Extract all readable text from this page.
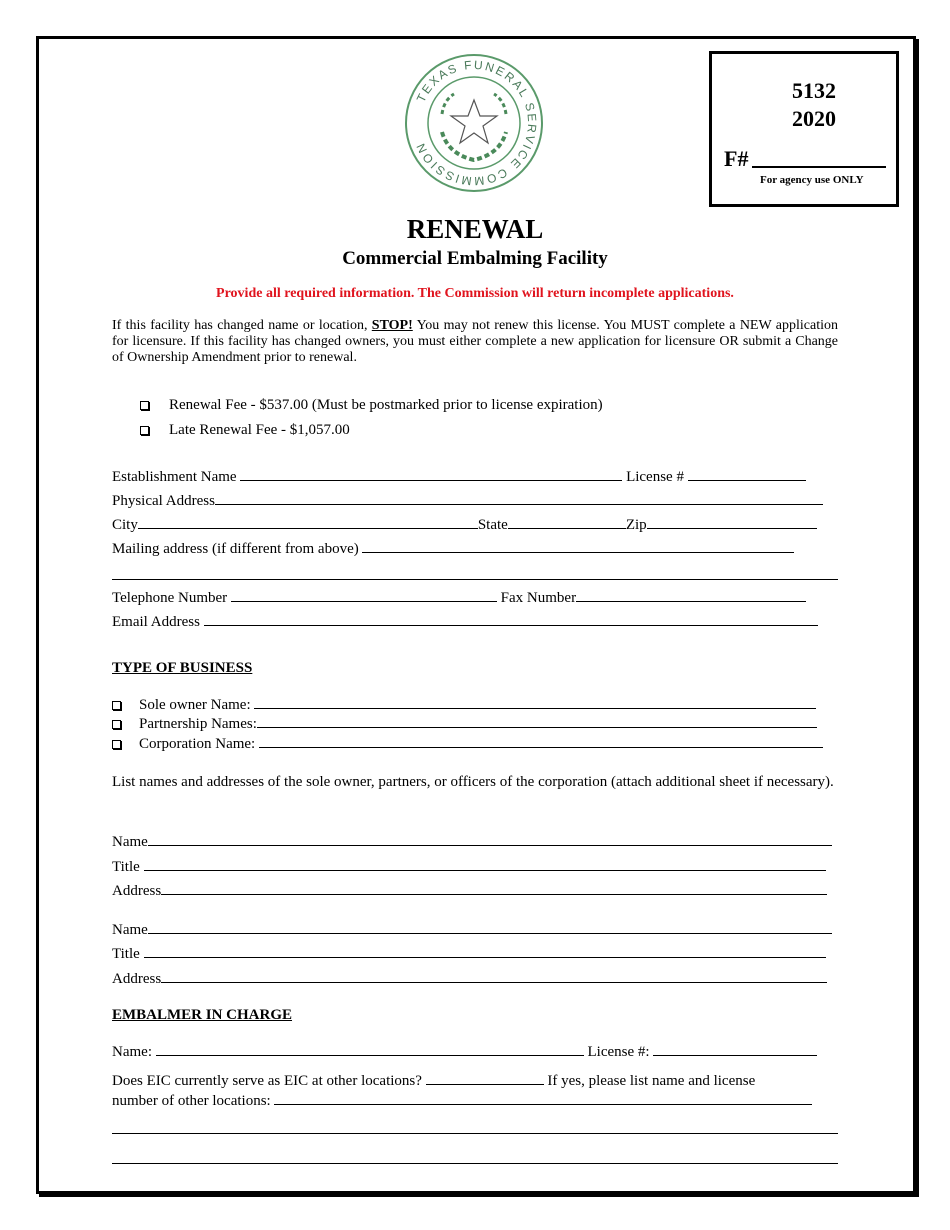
TEXAS FUNERAL SERVICE COMMISSION
5132
2020
F#
For agency use ONLY
RENEWAL
Commercial Embalming Facility
Provide all required information. The Commission will return incomplete applications.
If this facility has changed name or location, STOP! You may not renew this license. You MUST complete a NEW application for licensure. If this facility has changed owners, you must either complete a new application for licensure OR submit a Change of Ownership Amendment prior to renewal.
Renewal Fee - $537.00 (Must be postmarked prior to license expiration)
Late Renewal Fee - $1,057.00
Establishment Name	License #
Physical Address
City	State	Zip
Mailing address (if different from above)
Telephone Number	Fax Number
Email Address
TYPE OF BUSINESS
Sole owner Name:
Partnership Names:
Corporation Name:
List names and addresses of the sole owner, partners, or officers of the corporation (attach additional sheet if necessary).
Name
Title
Address
Name
Title
Address
EMBALMER IN CHARGE
Name:	License #:
Does EIC currently serve as EIC at other locations?	If yes, please list name and license
number of other locations:
